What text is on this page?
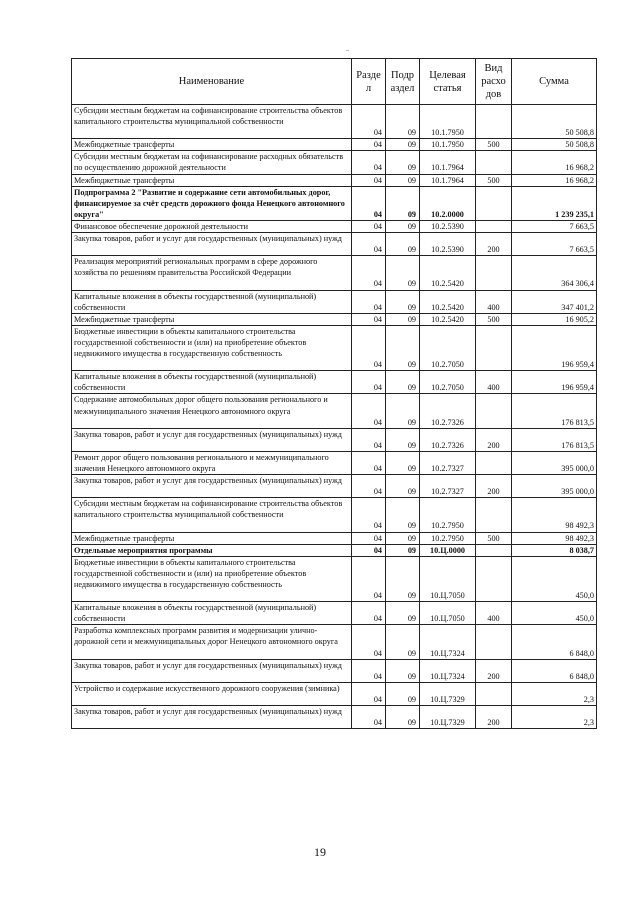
Наименование	Разде л	Подр аздел	Целевая статья	Вид расхо дов	Сумма
Субсидии местным бюджетам на софинансирование строительства объектов капитального строительства муниципальной собственности	04	09	10.1.7950		50 508,8
Межбюджетные трансферты	04	09	10.1.7950	500	50 508,8
Субсидии местным бюджетам на софинансирование расходных обязательств по осуществлению дорожной деятельности	04	09	10.1.7964		16 968,2
Межбюджетные трансферты	04	09	10.1.7964	500	16 968,2
Подпрограмма 2 "Развитие и содержание сети автомобильных дорог, финансируемое за счёт средств дорожного фонда Ненецкого автономного округа"	04	09	10.2.0000		1 239 235,1
Финансовое обеспечение дорожной деятельности	04	09	10.2.5390		7 663,5
Закупка товаров, работ и услуг для государственных (муниципальных) нужд	04	09	10.2.5390	200	7 663,5
Реализация мероприятий региональных программ в сфере дорожного хозяйства по решениям правительства Российской Федерации	04	09	10.2.5420		364 306,4
Капитальные вложения в объекты государственной (муниципальной) собственности	04	09	10.2.5420	400	347 401,2
Межбюджетные трансферты	04	09	10.2.5420	500	16 905,2
Бюджетные инвестиции в объекты капитального строительства государственной собственности и (или) на приобретение объектов недвижимого имущества в государственную собственность	04	09	10.2.7050		196 959,4
Капитальные вложения в объекты государственной (муниципальной) собственности	04	09	10.2.7050	400	196 959,4
Содержание автомобильных дорог общего пользования регионального и межмуниципального значения Ненецкого автономного округа	04	09	10.2.7326		176 813,5
Закупка товаров, работ и услуг для государственных (муниципальных) нужд	04	09	10.2.7326	200	176 813,5
Ремонт дорог общего пользования регионального и межмуниципального значения Ненецкого автономного округа	04	09	10.2.7327		395 000,0
Закупка товаров, работ и услуг для государственных (муниципальных) нужд	04	09	10.2.7327	200	395 000,0
Субсидии местным бюджетам на софинансирование строительства объектов капитального строительства муниципальной собственности	04	09	10.2.7950		98 492,3
Межбюджетные трансферты	04	09	10.2.7950	500	98 492,3
Отдельные мероприятия программы	04	09	10.Ц.0000		8 038,7
Бюджетные инвестиции в объекты капитального строительства государственной собственности и (или) на приобретение объектов недвижимого имущества в государственную собственность	04	09	10.Ц.7050		450,0
Капитальные вложения в объекты государственной (муниципальной) собственности	04	09	10.Ц.7050	400	450,0
Разработка комплексных программ развития и модернизации улично-дорожной сети и межмуниципальных дорог Ненецкого автономного округа	04	09	10.Ц.7324		6 848,0
Закупка товаров, работ и услуг для государственных (муниципальных) нужд	04	09	10.Ц.7324	200	6 848,0
Устройство и содержание искусственного дорожного сооружения (зимника)	04	09	10.Ц.7329		2,3
Закупка товаров, работ и услуг для государственных (муниципальных) нужд	04	09	10.Ц.7329	200	2,3
19
